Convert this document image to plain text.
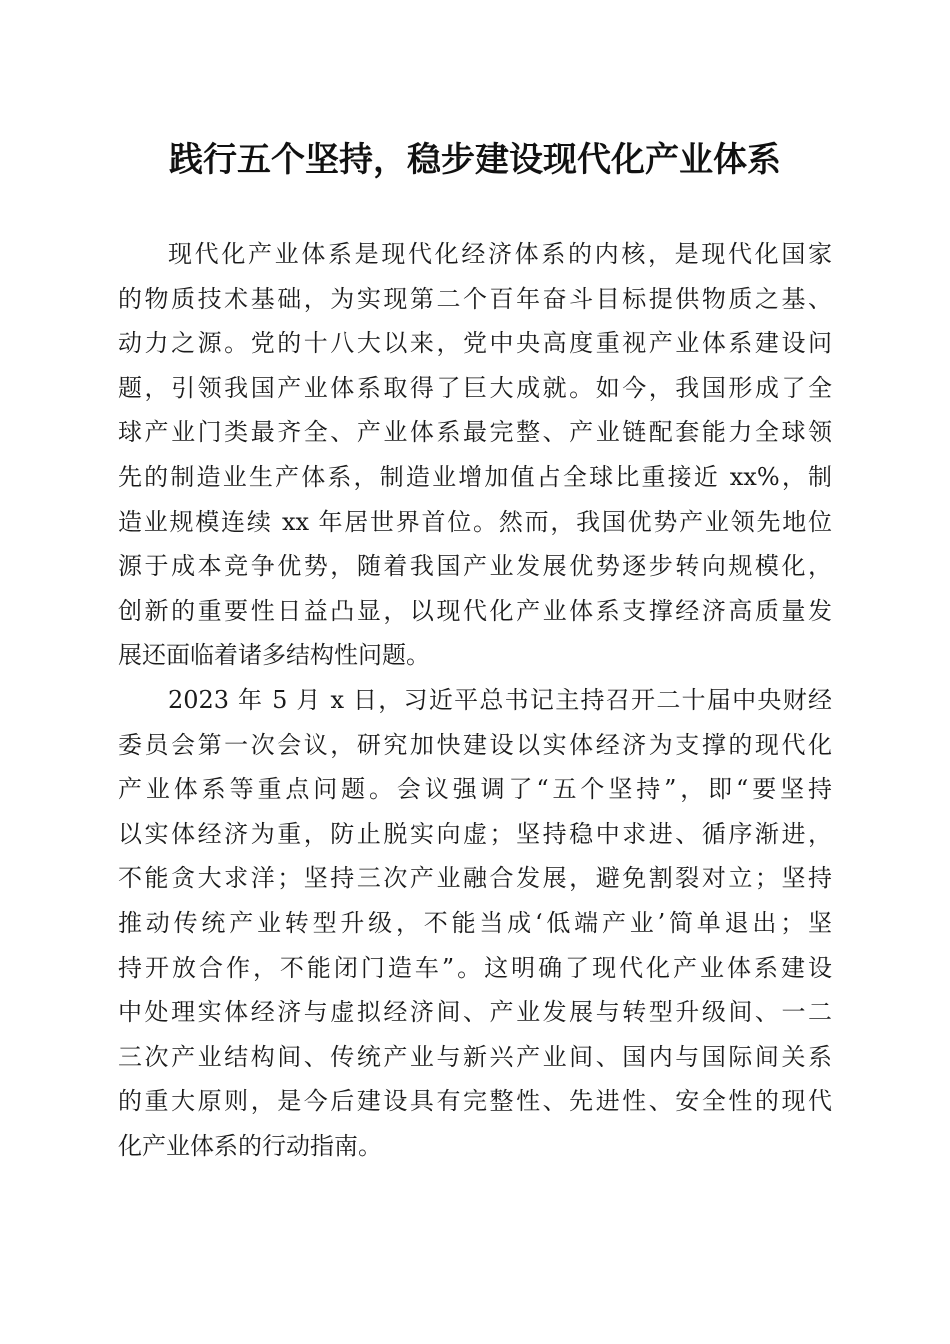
践行五个坚持，稳步建设现代化产业体系
现代化产业体系是现代化经济体系的内核，是现代化国家
的物质技术基础，为实现第二个百年奋斗目标提供物质之基、
动力之源。党的十八大以来，党中央高度重视产业体系建设问
题，引领我国产业体系取得了巨大成就。如今，我国形成了全
球产业门类最齐全、产业体系最完整、产业链配套能力全球领
先的制造业生产体系，制造业增加值占全球比重接近 xx%，制
造业规模连续 xx 年居世界首位。然而，我国优势产业领先地位
源于成本竞争优势，随着我国产业发展优势逐步转向规模化，
创新的重要性日益凸显，以现代化产业体系支撑经济高质量发
展还面临着诸多结构性问题。
2023 年 5 月 x 日，习近平总书记主持召开二十届中央财经
委员会第一次会议，研究加快建设以实体经济为支撑的现代化
产业体系等重点问题。会议强调了“五个坚持”，即“要坚持
以实体经济为重，防止脱实向虚；坚持稳中求进、循序渐进，
不能贪大求洋；坚持三次产业融合发展，避免割裂对立；坚持
推动传统产业转型升级，不能当成‘低端产业’简单退出；坚
持开放合作，不能闭门造车”。这明确了现代化产业体系建设
中处理实体经济与虚拟经济间、产业发展与转型升级间、一二
三次产业结构间、传统产业与新兴产业间、国内与国际间关系
的重大原则，是今后建设具有完整性、先进性、安全性的现代
化产业体系的行动指南。
